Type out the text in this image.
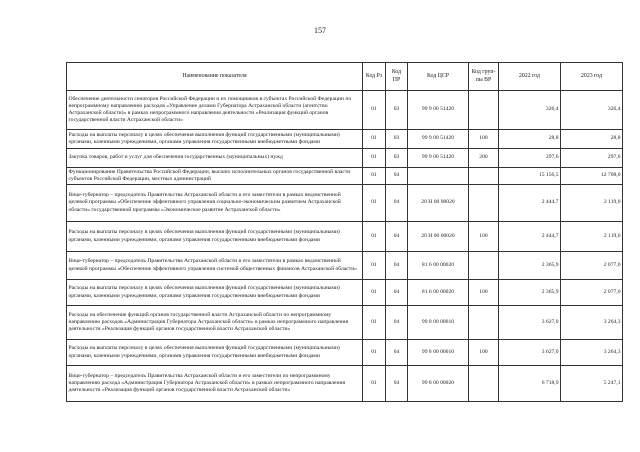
157
Наименование показателя	Код Рз	Код ПР	Код ЦСР	Код груп-пы ВР	2022 год	2023 год
Обеспечение деятельности сенаторов Российской Федерации и их помощников в субъектах Российской Федерации по непрограммному направлению расходов «Управление делами Губернатора Астраханской области (агентство Астраханской области)» в рамках непрограммного направления деятельности «Реализация функций органов государственной власти Астраханской области»	01	03	99 9 00 51420		326,4	326,4
Расходы на выплаты персоналу в целях обеспечения выполнения функций государственными (муниципальными) органами, казенными учреждениями, органами управления государственными внебюджетными фондами	01	03	99 9 00 51420	100	28,8	28,8
Закупка товаров, работ и услуг для обеспечения государственных (муниципальных) нужд	01	03	99 9 00 51420	200	297,6	297,6
Функционирование Правительства Российской Федерации, высших исполнительных органов государственной власти субъектов Российской Федерации, местных администраций	01	04			15 156,5	12 708,0
Вице-губернатор – председатель Правительства Астраханской области и его заместители в рамках ведомственной целевой программы «Обеспечение эффективного управления социально-экономическим развитием Астраханской области» государственной программы «Экономическое развитие Астраханской области»	01	04	20 Н 00 00020		2 444,7	2 119,6
Расходы на выплаты персоналу в целях обеспечения выполнения функций государственными (муниципальными) органами, казенными учреждениями, органами управления государственными внебюджетными фондами	01	04	20 Н 00 00020	100	2 444,7	2 119,6
Вице-губернатор – председатель Правительства Астраханской области и его заместители в рамках ведомственной целевой программы «Обеспечение эффективного управления системой общественных финансов Астраханской области»	01	04	81 6 00 00020		2 365,9	2 077,0
Расходы на выплаты персоналу в целях обеспечения выполнения функций государственными (муниципальными) органами, казенными учреждениями, органами управления государственными внебюджетными фондами	01	04	81 6 00 00020	100	2 365,9	2 077,0
Расходы на обеспечение функций органов государственной власти Астраханской области по непрограммному направлению расходов «Администрация Губернатора Астраханской области» в рамках непрограммного направления деятельности «Реализация функций органов государственной власти Астраханской области»	01	04	99 8 00 00010		3 627,0	3 264,3
Расходы на выплаты персоналу в целях обеспечения выполнения функций государственными (муниципальными) органами, казенными учреждениями, органами управления государственными внебюджетными фондами	01	04	99 8 00 00010	100	3 627,0	3 264,3
Вице-губернатор – председатель Правительства Астраханской области и его заместители по непрограммному направлению расхода «Администрация Губернатора Астраханской области» в рамках непрограммного направления деятельности «Реализация функций органов государственной власти Астраханской области»	01	04	99 8 00 00020		6 718,9	5 247,1
